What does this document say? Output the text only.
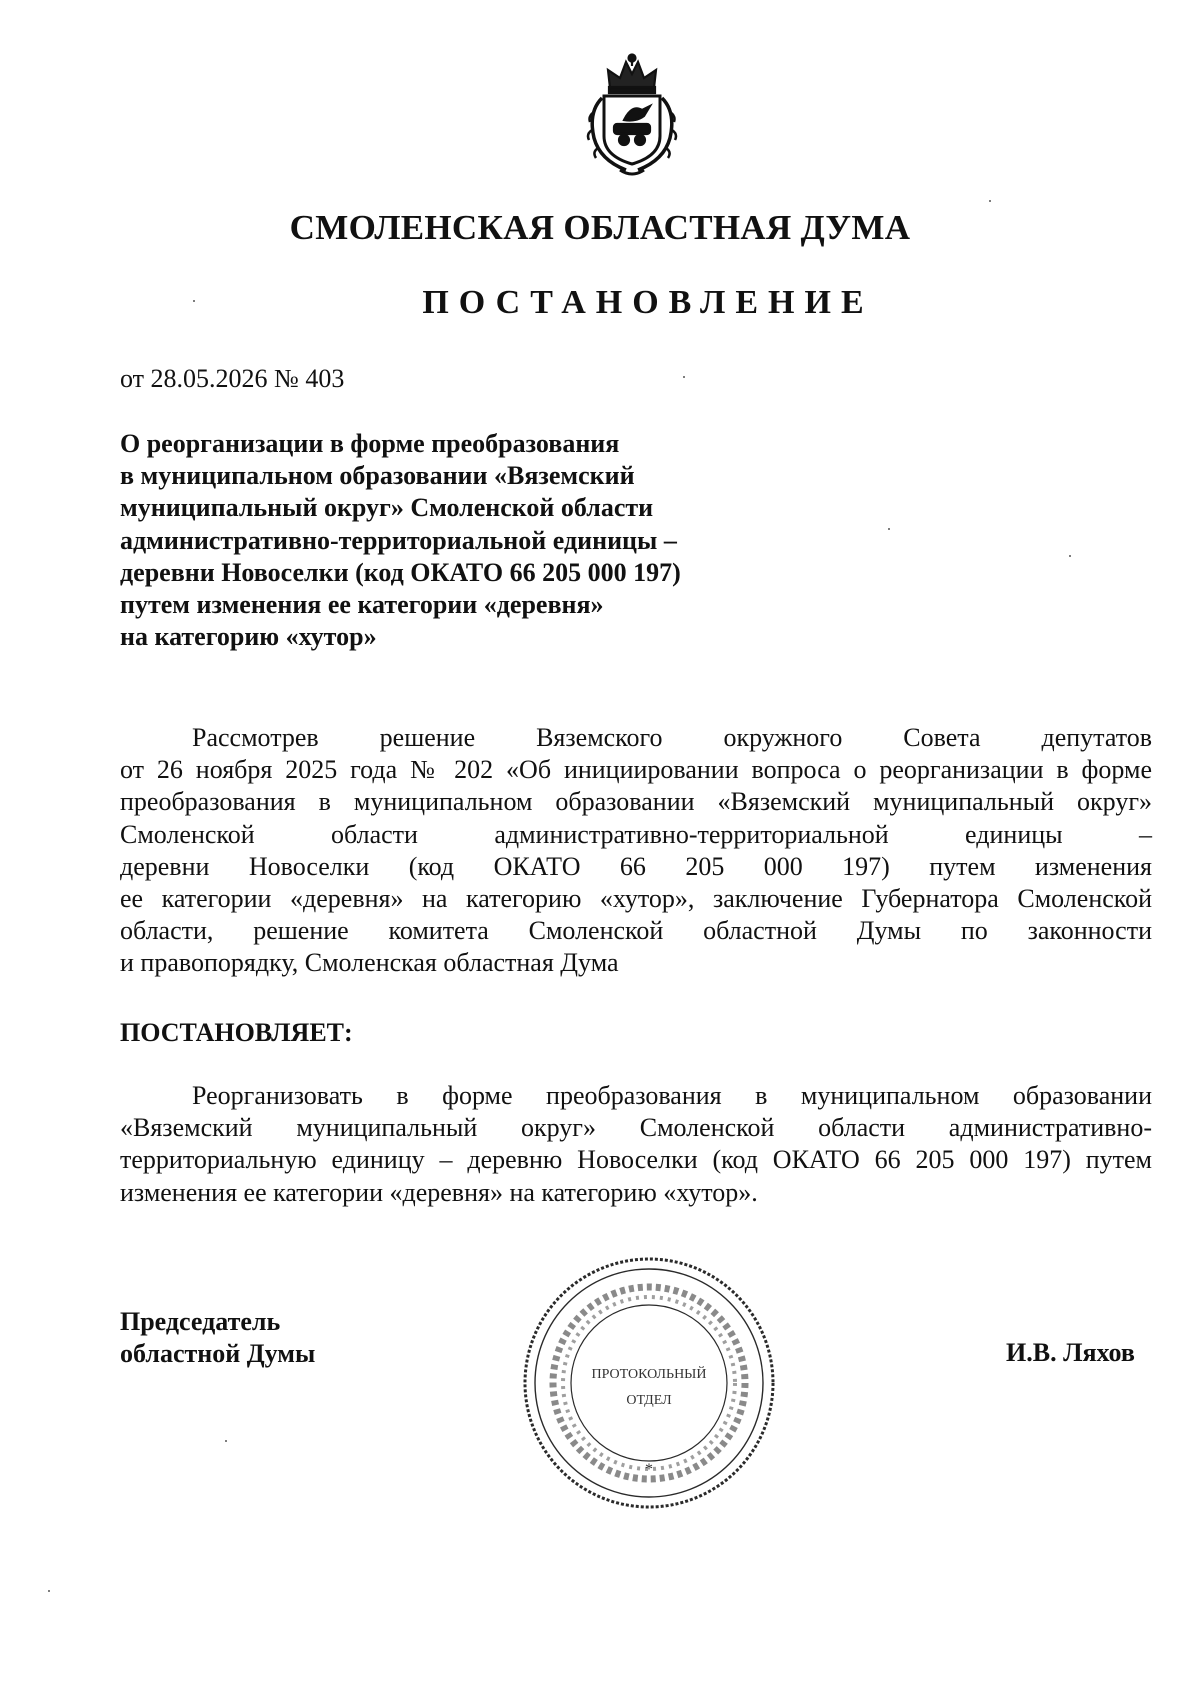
СМОЛЕНСКАЯ ОБЛАСТНАЯ ДУМА
ПОСТАНОВЛЕНИЕ
от 28.05.2026 № 403
О реорганизации в форме преобразования
в муниципальном образовании «Вяземский
муниципальный округ» Смоленской области
административно-территориальной единицы –
деревни Новоселки (код ОКАТО 66 205 000 197)
путем изменения ее категории «деревня»
на категорию «хутор»
Рассмотрев решение Вяземского окружного Совета депутатов
от 26 ноября 2025 года № 202 «Об инициировании вопроса о реорганизации в форме
преобразования в муниципальном образовании «Вяземский муниципальный округ»
Смоленской области административно-территориальной единицы –
деревни Новоселки (код ОКАТО 66 205 000 197) путем изменения
ее категории «деревня» на категорию «хутор», заключение Губернатора Смоленской
области, решение комитета Смоленской областной Думы по законности
и правопорядку, Смоленская областная Дума
ПОСТАНОВЛЯЕТ:
Реорганизовать в форме преобразования в муниципальном образовании
«Вяземский муниципальный округ» Смоленской области административно-
территориальную единицу – деревню Новоселки (код ОКАТО 66 205 000 197) путем
изменения ее категории «деревня» на категорию «хутор».
Председатель
областной Думы	И.В. Ляхов
*
ПРОТОКОЛЬНЫЙ
ОТДЕЛ
